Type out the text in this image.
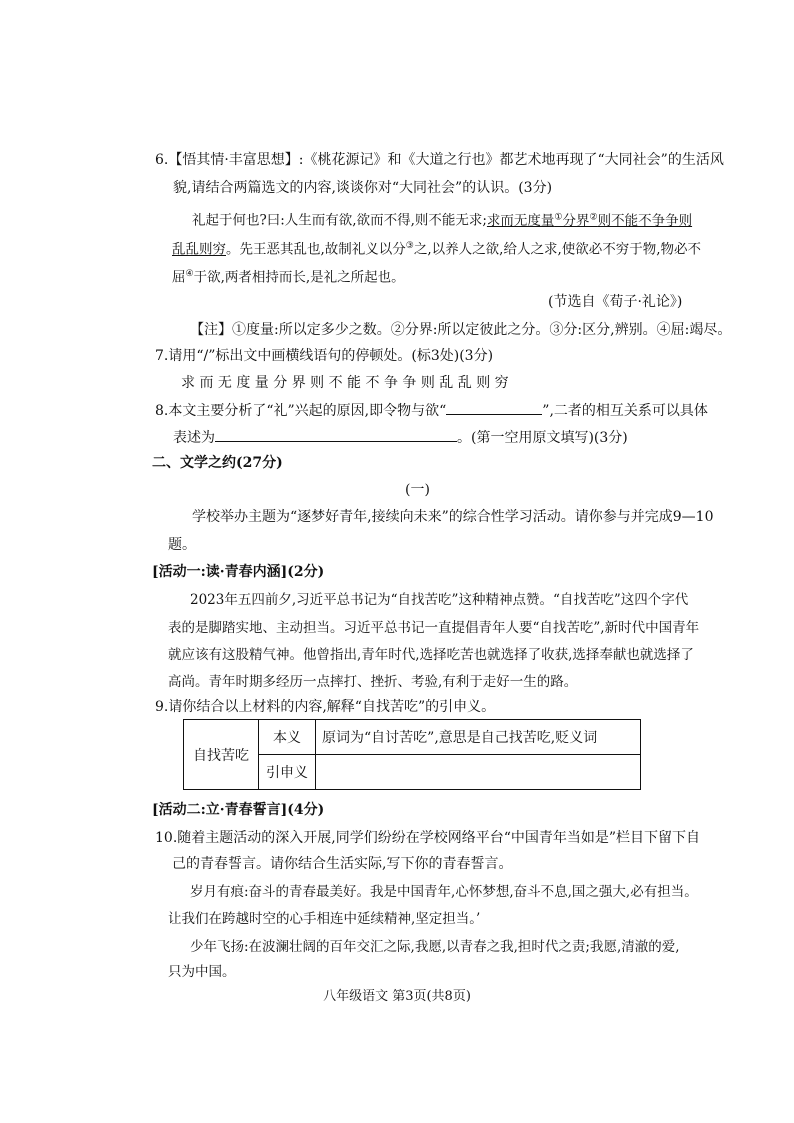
6.【悟其情·丰富思想】:《桃花源记》和《大道之行也》都艺术地再现了“大同社会”的生活风
貌,请结合两篇选文的内容,谈谈你对“大同社会”的认识。(3分)
礼起于何也?曰:人生而有欲,欲而不得,则不能无求;求而无度量①分界②则不能不争争则
乱乱则穷。先王恶其乱也,故制礼义以分③之,以养人之欲,给人之求,使欲必不穷于物,物必不
屈④于欲,两者相持而长,是礼之所起也。
(节选自《荀子·礼论》)
【注】①度量:所以定多少之数。②分界:所以定彼此之分。③分:区分,辨别。④屈:竭尽。
7.请用“/”标出文中画横线语句的停顿处。(标3处)(3分)
求 而 无 度 量 分 界 则 不 能 不 争 争 则 乱 乱 则 穷
8.本文主要分析了“礼”兴起的原因,即令物与欲“	”,二者的相互关系可以具体
表述为	。(第一空用原文填写)(3分)
二、文学之约(27分)
(一)
学校举办主题为“逐梦好青年,接续向未来”的综合性学习活动。请你参与并完成9—10
题。
[活动一:读·青春内涵](2分)
2023年五四前夕,习近平总书记为“自找苦吃”这种精神点赞。“自找苦吃”这四个字代
表的是脚踏实地、主动担当。习近平总书记一直提倡青年人要“自找苦吃”,新时代中国青年
就应该有这股精气神。他曾指出,青年时代,选择吃苦也就选择了收获,选择奉献也就选择了
高尚。青年时期多经历一点摔打、挫折、考验,有利于走好一生的路。
9.请你结合以上材料的内容,解释“自找苦吃”的引申义。
自找苦吃	本义	原词为“自讨苦吃”,意思是自己找苦吃,贬义词
	引申义	
[活动二:立·青春誓言](4分)
10.随着主题活动的深入开展,同学们纷纷在学校网络平台“中国青年当如是”栏目下留下自
己的青春誓言。请你结合生活实际,写下你的青春誓言。
岁月有痕:奋斗的青春最美好。我是中国青年,心怀梦想,奋斗不息,国之强大,必有担当。
让我们在跨越时空的心手相连中延续精神,坚定担当。’
少年飞扬:在波澜壮阔的百年交汇之际,我愿,以青春之我,担时代之责;我愿,清澈的爱,
只为中国。
八年级语文 第3页(共8页)
